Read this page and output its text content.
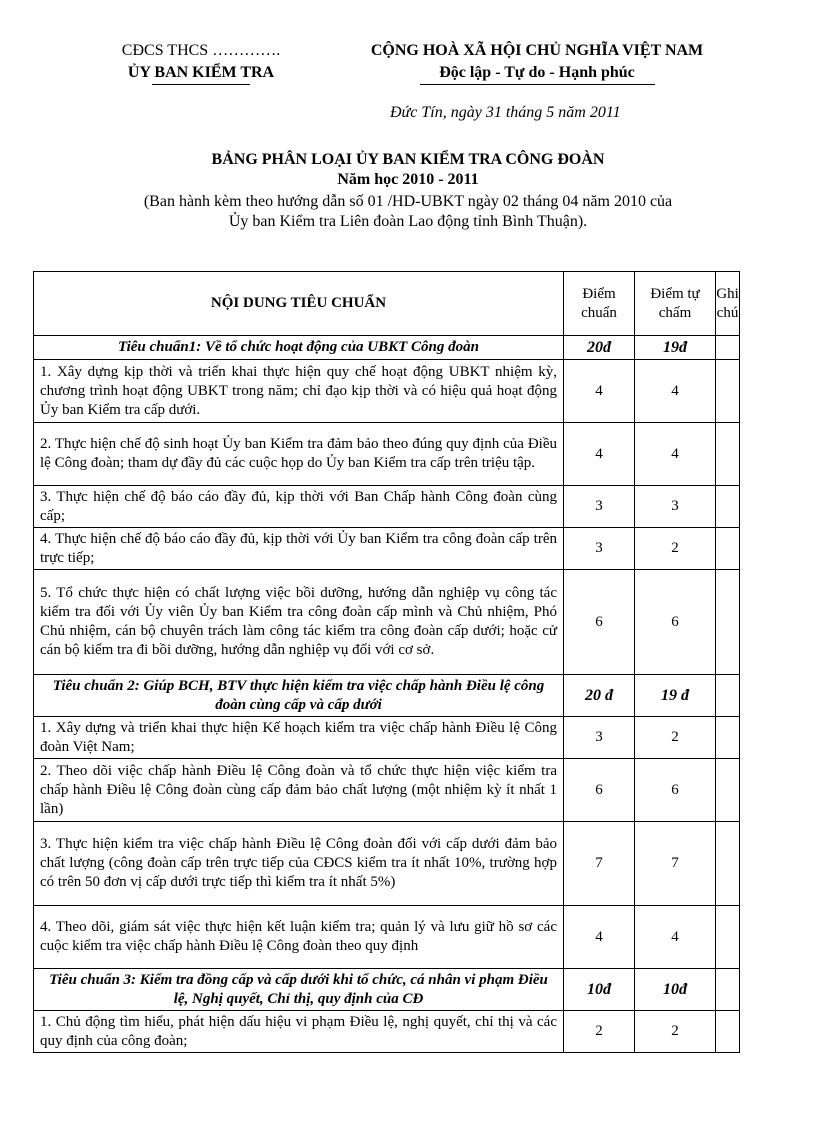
CĐCS THCS ………….
ỦY BAN KIỂM TRA
CỘNG HOÀ XÃ HỘI CHỦ NGHĨA VIỆT NAM
Độc lập - Tự do - Hạnh phúc
Đức Tín, ngày 31 tháng 5 năm 2011
BẢNG PHÂN LOẠI ỦY BAN KIỂM TRA CÔNG ĐOÀN
Năm học 2010 - 2011
(Ban hành kèm theo hướng dẫn số 01 /HD-UBKT ngày 02 tháng 04 năm 2010 của
Ủy ban Kiểm tra Liên đoàn Lao động tỉnh Bình Thuận).
NỘI DUNG TIÊU CHUẨN	Điểm chuẩn	Điểm tự chấm	Ghi chú
Tiêu chuẩn1: Về tổ chức hoạt động của UBKT Công đoàn	20đ	19đ	
1. Xây dựng kịp thời và triển khai thực hiện quy chế hoạt động UBKT nhiệm kỳ, chương trình hoạt động UBKT trong năm; chỉ đạo kịp thời và có hiệu quả hoạt động Ủy ban Kiểm tra cấp dưới.	4	4	
2. Thực hiện chế độ sinh hoạt Ủy ban Kiểm tra đảm bảo theo đúng quy định của Điều lệ Công đoàn; tham dự đầy đủ các cuộc họp do Ủy ban Kiểm tra cấp trên triệu tập.	4	4	
3. Thực hiện chế độ báo cáo đầy đủ, kịp thời với Ban Chấp hành Công đoàn cùng cấp;	3	3	
4. Thực hiện chế độ báo cáo đầy đủ, kịp thời với Ủy ban Kiểm tra công đoàn cấp trên trực tiếp;	3	2	
5. Tổ chức thực hiện có chất lượng việc bồi dưỡng, hướng dẫn nghiệp vụ công tác kiểm tra đối với Ủy viên Ủy ban Kiểm tra công đoàn cấp mình và Chủ nhiệm, Phó Chủ nhiệm, cán bộ chuyên trách làm công tác kiểm tra công đoàn cấp dưới; hoặc cử cán bộ kiểm tra đi bồi dưỡng, hướng dẫn nghiệp vụ đối với cơ sở.	6	6	
Tiêu chuẩn 2: Giúp BCH, BTV thực hiện kiểm tra việc chấp hành Điều lệ công đoàn cùng cấp và cấp dưới	20 đ	19 đ	
1. Xây dựng và triển khai thực hiện Kế hoạch kiểm tra việc chấp hành Điều lệ Công đoàn Việt Nam;	3	2	
2. Theo dõi việc chấp hành Điều lệ Công đoàn và tổ chức thực hiện việc kiểm tra chấp hành Điều lệ Công đoàn cùng cấp đảm bảo chất lượng (một nhiệm kỳ ít nhất 1 lần)	6	6	
3. Thực hiện kiểm tra việc chấp hành Điều lệ Công đoàn đối với cấp dưới đảm bảo chất lượng (công đoàn cấp trên trực tiếp của CĐCS kiểm tra ít nhất 10%, trường hợp có trên 50 đơn vị cấp dưới trực tiếp thì kiểm tra ít nhất 5%)	7	7	
4. Theo dõi, giám sát việc thực hiện kết luận kiểm tra; quản lý và lưu giữ hồ sơ các cuộc kiểm tra việc chấp hành Điều lệ Công đoàn theo quy định	4	4	
Tiêu chuẩn 3: Kiểm tra đồng cấp và cấp dưới khi tổ chức, cá nhân vi phạm Điều lệ, Nghị quyết, Chỉ thị, quy định của CĐ	10đ	10đ	
1. Chủ động tìm hiểu, phát hiện dấu hiệu vi phạm Điều lệ, nghị quyết, chỉ thị và các quy định của công đoàn;	2	2	
